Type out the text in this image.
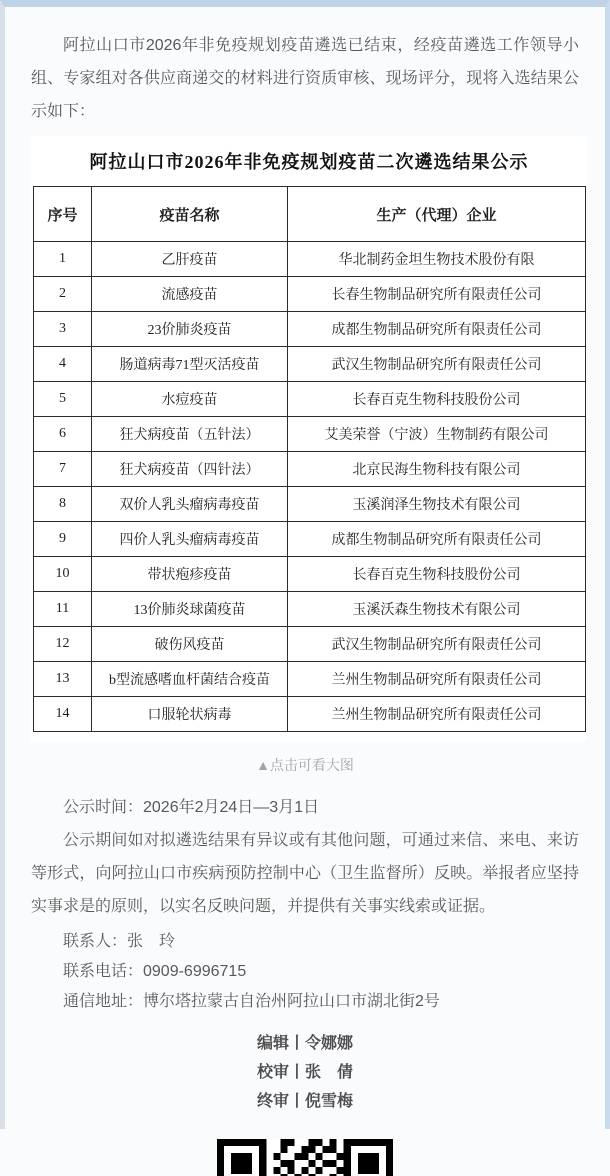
阿拉山口市2026年非免疫规划疫苗遴选已结束，经疫苗遴选工作领导小组、专家组对各供应商递交的材料进行资质审核、现场评分，现将入选结果公示如下：

阿拉山口市2026年非免疫规划疫苗二次遴选结果公示
序号	疫苗名称	生产（代理）企业
1	乙肝疫苗	华北制药金坦生物技术股份有限
2	流感疫苗	长春生物制品研究所有限责任公司
3	23价肺炎疫苗	成都生物制品研究所有限责任公司
4	肠道病毒71型灭活疫苗	武汉生物制品研究所有限责任公司
5	水痘疫苗	长春百克生物科技股份公司
6	狂犬病疫苗（五针法）	艾美荣誉（宁波）生物制药有限公司
7	狂犬病疫苗（四针法）	北京民海生物科技有限公司
8	双价人乳头瘤病毒疫苗	玉溪润泽生物技术有限公司
9	四价人乳头瘤病毒疫苗	成都生物制品研究所有限责任公司
10	带状疱疹疫苗	长春百克生物科技股份公司
11	13价肺炎球菌疫苗	玉溪沃森生物技术有限公司
12	破伤风疫苗	武汉生物制品研究所有限责任公司
13	b型流感嗜血杆菌结合疫苗	兰州生物制品研究所有限责任公司
14	口服轮状病毒	兰州生物制品研究所有限责任公司
▲点击可看大图

公示时间：2026年2月24日—3月1日

公示期间如对拟遴选结果有异议或有其他问题，可通过来信、来电、来访等形式，向阿拉山口市疾病预防控制中心（卫生监督所）反映。举报者应坚持实事求是的原则，以实名反映问题，并提供有关事实线索或证据。

联系人：张　玲

联系电话：0909-6996715

通信地址：博尔塔拉蒙古自治州阿拉山口市湖北街2号

编辑丨令娜娜

校审丨张　倩

终审丨倪雪梅
